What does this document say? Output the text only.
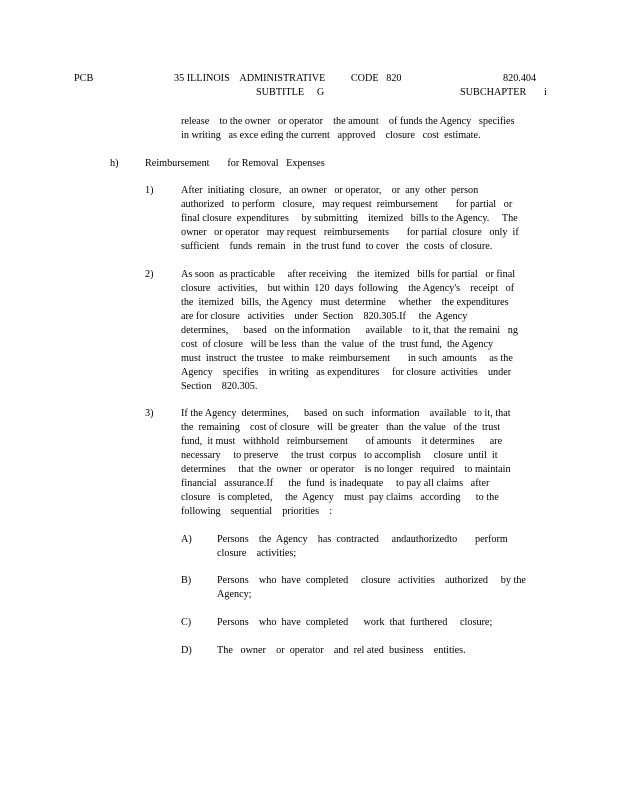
PCB	35 ILLINOIS    ADMINISTRATIVE          CODE   820	820.404
SUBTITLE     G	SUBCHAPTER       i
release    to the owner   or operator    the amount    of funds the Agency   specifies
in writing   as exce eding the current   approved    closure   cost  estimate.
h)	Reimbursement       for Removal   Expenses
1)	After  initiating  closure,   an owner   or operator,    or  any  other  person
authorized   to perform   closure,   may request  reimbursement       for partial   or
final closure  expenditures     by submitting    itemized   bills to the Agency.     The
owner   or operator   may request   reimbursements       for partial  closure   only  if
sufficient    funds  remain   in  the trust fund  to cover   the  costs  of closure.
2)	As soon  as practicable     after receiving    the  itemized   bills for partial   or final
closure   activities,    but within  120  days  following    the Agency's    receipt   of
the  itemized   bills,  the Agency   must  determine     whether    the expenditures
are for closure   activities    under  Section    820.305.If     the  Agency
determines,      based   on the information      available    to it, that  the remaini   ng
cost  of closure   will be less  than  the  value  of  the  trust fund,  the Agency
must  instruct  the trustee   to make  reimbursement       in such  amounts     as the
Agency    specifies    in writing   as expenditures     for closure  activities    under
Section    820.305.
3)	If the Agency  determines,      based  on such   information    available   to it, that
the  remaining    cost of closure   will  be greater   than  the value   of the  trust
fund,  it must   withhold   reimbursement       of amounts    it determines      are
necessary     to preserve     the trust  corpus   to accomplish     closure  until  it
determines     that  the  owner   or operator    is no longer   required    to maintain
financial   assurance.If      the  fund  is inadequate     to pay all claims   after
closure   is completed,     the  Agency    must  pay claims   according      to the
following    sequential    priorities    :
A) Persons    the  Agency    has  contracted     andauthorizedto       perform
closure    activities;
B)	Persons    who  have  completed     closure   activities    authorized     by the
Agency;
C)	Persons    who  have  completed      work  that  furthered     closure;
D) The   owner    or  operator    and  rel ated  business    entities.
